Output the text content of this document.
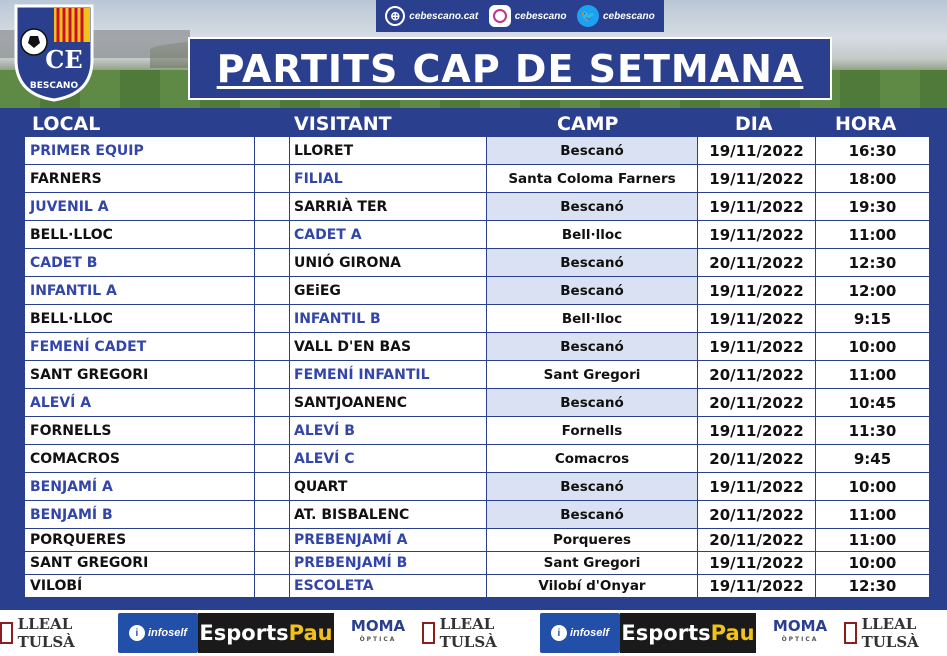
⊕ cebescano.cat	cebescano 🐦 cebescano
CE
BESCANO	PARTITS CAP DE SETMANA
LOCAL	VISITANT	CAMP	DIA	HORA
PRIMER EQUIP	LLORET	Bescanó	19/11/2022	16:30
FARNERS	FILIAL	Santa Coloma Farners	19/11/2022	18:00
JUVENIL A	SARRIÀ TER	Bescanó	19/11/2022	19:30
BELL·LLOC	CADET A	Bell·lloc	19/11/2022	11:00
CADET B	UNIÓ GIRONA	Bescanó	20/11/2022	12:30
INFANTIL A	GEiEG	Bescanó	19/11/2022	12:00
BELL·LLOC	INFANTIL B	Bell·lloc	19/11/2022	9:15
FEMENÍ CADET	VALL D'EN BAS	Bescanó	19/11/2022	10:00
SANT GREGORI	FEMENÍ INFANTIL	Sant Gregori	20/11/2022	11:00
ALEVÍ A	SANTJOANENC	Bescanó	20/11/2022	10:45
FORNELLS	ALEVÍ B	Fornells	19/11/2022	11:30
COMACROS	ALEVÍ C	Comacros	20/11/2022	9:45
BENJAMÍ A	QUART	Bescanó	19/11/2022	10:00
BENJAMÍ B	AT. BISBALENC	Bescanó	20/11/2022	11:00
PORQUERES	PREBENJAMÍ A	Porqueres	20/11/2022	11:00
SANT GREGORI	PREBENJAMÍ B	Sant Gregori	19/11/2022	10:00
VILOBÍ	ESCOLETA	Vilobí d'Onyar	19/11/2022	12:30
LLEAL TULSÀ	i infoself Esports Pau MOMA
ÒPTICA
LLEAL TULSÀ	i infoself Esports Pau MOMA
ÒPTICA
LLEAL TULSÀ
